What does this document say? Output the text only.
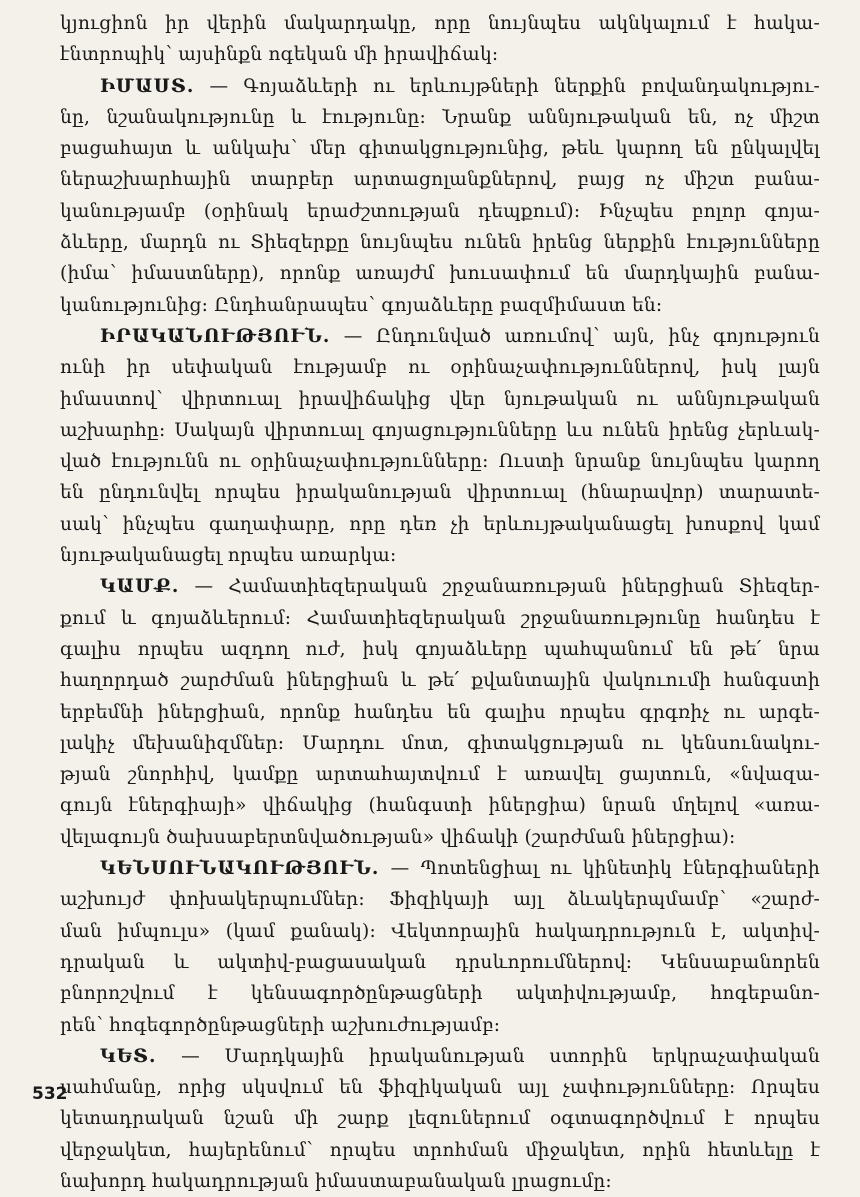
կյուցիոն իր վերին մակարդակը, որը նույնպես ակնկալում է հակա-
էնտրոպիկ՝ այսինքն ոգեկան մի իրավիճակ:
ԻՄԱՍՏ. — Գոյաձևերի ու երևույթների ներքին բովանդակությու-
նը, նշանակությունը և էությունը: Նրանք աննյութական են, ոչ միշտ
բացահայտ և անկախ՝ մեր գիտակցությունից, թեև կարող են ընկալվել
ներաշխարհային տարբեր արտացոլանքներով, բայց ոչ միշտ բանա-
կանությամբ (օրինակ երաժշտության դեպքում): Ինչպես բոլոր գոյա-
ձևերը, մարդն ու Տիեզերքը նույնպես ունեն իրենց ներքին էությունները
(իմա՝ իմաստները), որոնք առայժմ խուսափում են մարդկային բանա-
կանությունից: Ընդհանրապես՝ գոյաձևերը բազմիմաստ են:
ԻՐԱԿԱՆՈՒԹՅՈՒՆ. — Ընդունված առումով՝ այն, ինչ գոյություն
ունի իր սեփական էությամբ ու օրինաչափություններով, իսկ լայն
իմաստով՝ վիրտուալ իրավիճակից վեր նյութական ու աննյութական
աշխարհը: Սակայն վիրտուալ գոյացությունները ևս ունեն իրենց չերևակ-
ված էությունն ու օրինաչափությունները: Ուստի նրանք նույնպես կարող
են ընդունվել որպես իրականության վիրտուալ (հնարավոր) տարատե-
սակ՝ ինչպես գաղափարը, որը դեռ չի երևույթականացել խոսքով կամ
նյութականացել որպես առարկա:
ԿԱՄՔ. — Համատիեզերական շրջանառության իներցիան Տիեզեր-
քում և գոյաձևերում: Համատիեզերական շրջանառությունը հանդես է
գալիս որպես ազդող ուժ, իսկ գոյաձևերը պահպանում են թե՛ նրա
հաղորդած շարժման իներցիան և թե՛ քվանտային վակուումի հանգստի
երբեմնի իներցիան, որոնք հանդես են գալիս որպես գրգռիչ ու արգե-
լակիչ մեխանիզմներ: Մարդու մոտ, գիտակցության ու կենսունակու-
թյան շնորհիվ, կամքը արտահայտվում է առավել ցայտուն, «նվազա-
գույն էներգիայի» վիճակից (հանգստի իներցիա) նրան մղելով «առա-
վելագույն ծախսաբերտնվածության» վիճակի (շարժման իներցիա):
ԿԵՆՍՈՒՆԱԿՈՒԹՅՈՒՆ. — Պոտենցիալ ու կինետիկ էներգիաների
աշխույժ փոխակերպումներ: Ֆիզիկայի այլ ձևակերպմամբ՝ «շարժ-
ման իմպուլս» (կամ քանակ): Վեկտորային հակադրություն է, ակտիվ-
դրական և ակտիվ-բացասական դրսևորումներով: Կենսաբանորեն
բնորոշվում է կենսագործընթացների ակտիվությամբ, հոգեբանո-
րեն՝ հոգեգործընթացների աշխուժությամբ:
ԿԵՏ. — Մարդկային իրականության ստորին երկրաչափական
սահմանը, որից սկսվում են ֆիզիկական այլ չափությունները: Որպես
կետադրական նշան մի շարք լեզուներում օգտագործվում է որպես
վերջակետ, հայերենում՝ որպես տրոհման միջակետ, որին հետևելը է
նախորդ հակադրության իմաստաբանական լրացումը:
532
